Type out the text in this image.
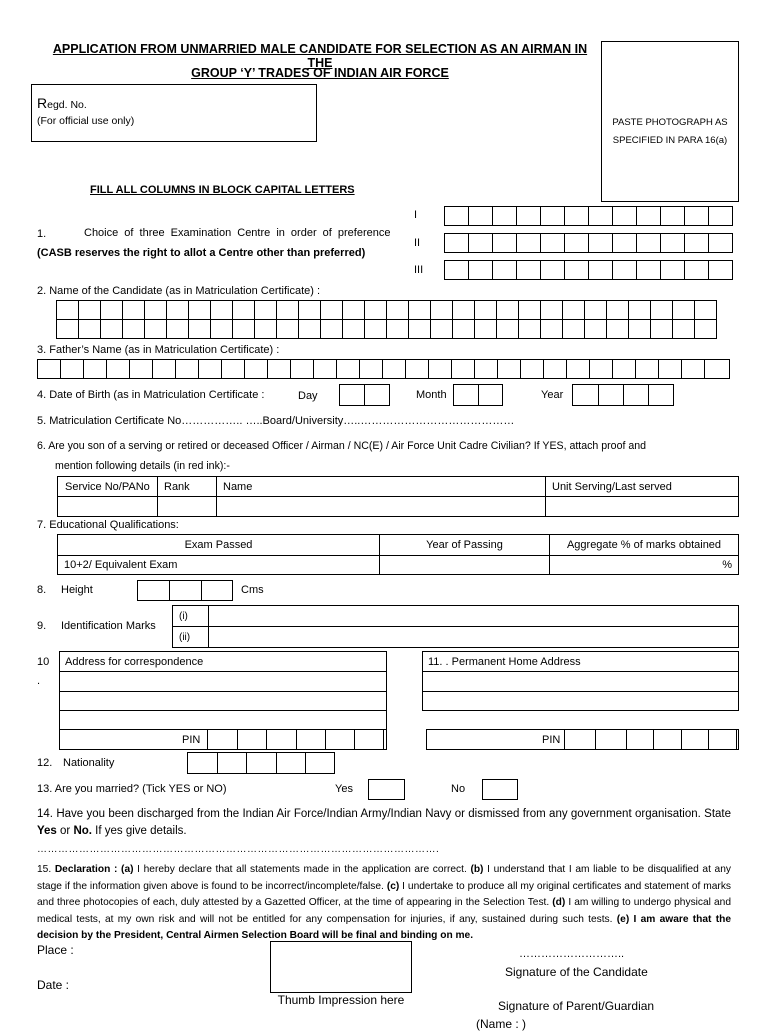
APPLICATION FROM UNMARRIED MALE CANDIDATE FOR SELECTION AS AN AIRMAN IN THE
GROUP ‘Y’ TRADES OF INDIAN AIR FORCE
Regd. No.
(For official use only)	PASTE PHOTOGRAPH AS
SPECIFIED IN PARA 16(a)
FILL ALL COLUMNS IN BLOCK CAPITAL LETTERS
1.	Choice of three Examination Centre in order of preference
(CASB reserves the right to allot a Centre other than preferred)
I
II
III
2. Name of the Candidate (as in Matriculation Certificate) :
3. Father’s Name (as in Matriculation Certificate) :
4. Date of Birth (as in Matriculation Certificate :	Day	Month	Year
5. Matriculation Certificate No…………….. …..Board/University…..……………………………………
6. Are you son of a serving or retired or deceased Officer / Airman / NC(E) / Air Force Unit Cadre Civilian? If YES, attach proof and
mention following details (in red ink):-
Service No/PANo	Rank	Name	Unit Serving/Last served

7. Educational Qualifications:
Exam Passed	Year of Passing	Aggregate % of marks obtained
10+2/ Equivalent Exam		%
8. Height	Cms
9. Identification Marks
(i)	
(ii)	
10
.
Address for correspondence

PIN
11. . Permanent Home Address

PIN
12. Nationality
13. Are you married? (Tick YES or NO)	Yes	No
14. Have you been discharged from the Indian Air Force/Indian Army/Indian Navy or dismissed from any government organisation. State Yes or No. If yes give details.
…………………………………………………………………………………………………….
15. Declaration : (a) I hereby declare that all statements made in the application are correct. (b) I understand that I am liable to be disqualified at any stage if the information given above is found to be incorrect/incomplete/false. (c) I undertake to produce all my original certificates and statement of marks and three photocopies of each, duly attested by a Gazetted Officer, at the time of appearing in the Selection Test. (d) I am willing to undergo physical and medical tests, at my own risk and will not be entitled for any compensation for injuries, if any, sustained during such tests. (e) I am aware that the decision by the President, Central Airmen Selection Board will be final and binding on me.
Place :
Date :
Thumb Impression here
………………………..
Signature of the Candidate
Signature of Parent/Guardian
(Name : )
